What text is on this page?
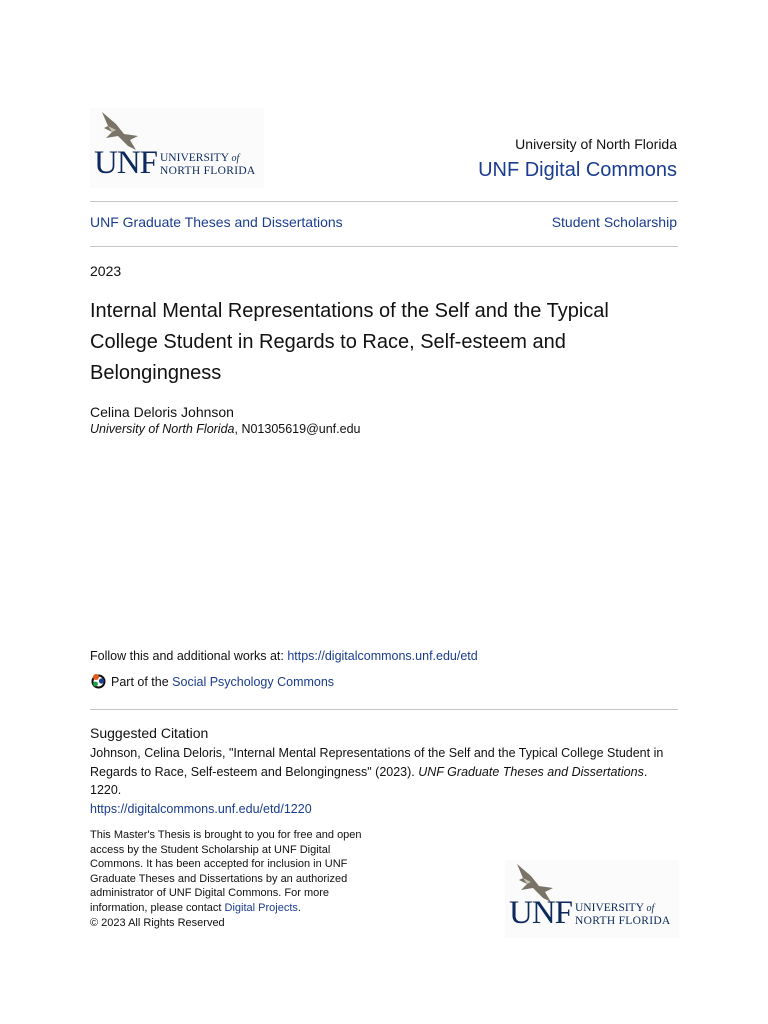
UNF UNIVERSITY of
NORTH FLORIDA
University of North Florida
UNF Digital Commons
UNF Graduate Theses and Dissertations	Student Scholarship
2023
Internal Mental Representations of the Self and the Typical College Student in Regards to Race, Self-esteem and Belongingness
Celina Deloris Johnson
University of North Florida, N01305619@unf.edu
Follow this and additional works at: https://digitalcommons.unf.edu/etd
Part of the
Social Psychology Commons
Suggested Citation
Johnson, Celina Deloris, "Internal Mental Representations of the Self and the Typical College Student in Regards to Race, Self-esteem and Belongingness" (2023). UNF Graduate Theses and Dissertations. 1220.
https://digitalcommons.unf.edu/etd/1220
This Master's Thesis is brought to you for free and open access by the Student Scholarship at UNF Digital Commons. It has been accepted for inclusion in UNF Graduate Theses and Dissertations by an authorized administrator of UNF Digital Commons. For more information, please contact Digital Projects.
© 2023 All Rights Reserved	UNF UNIVERSITY of
NORTH FLORIDA
